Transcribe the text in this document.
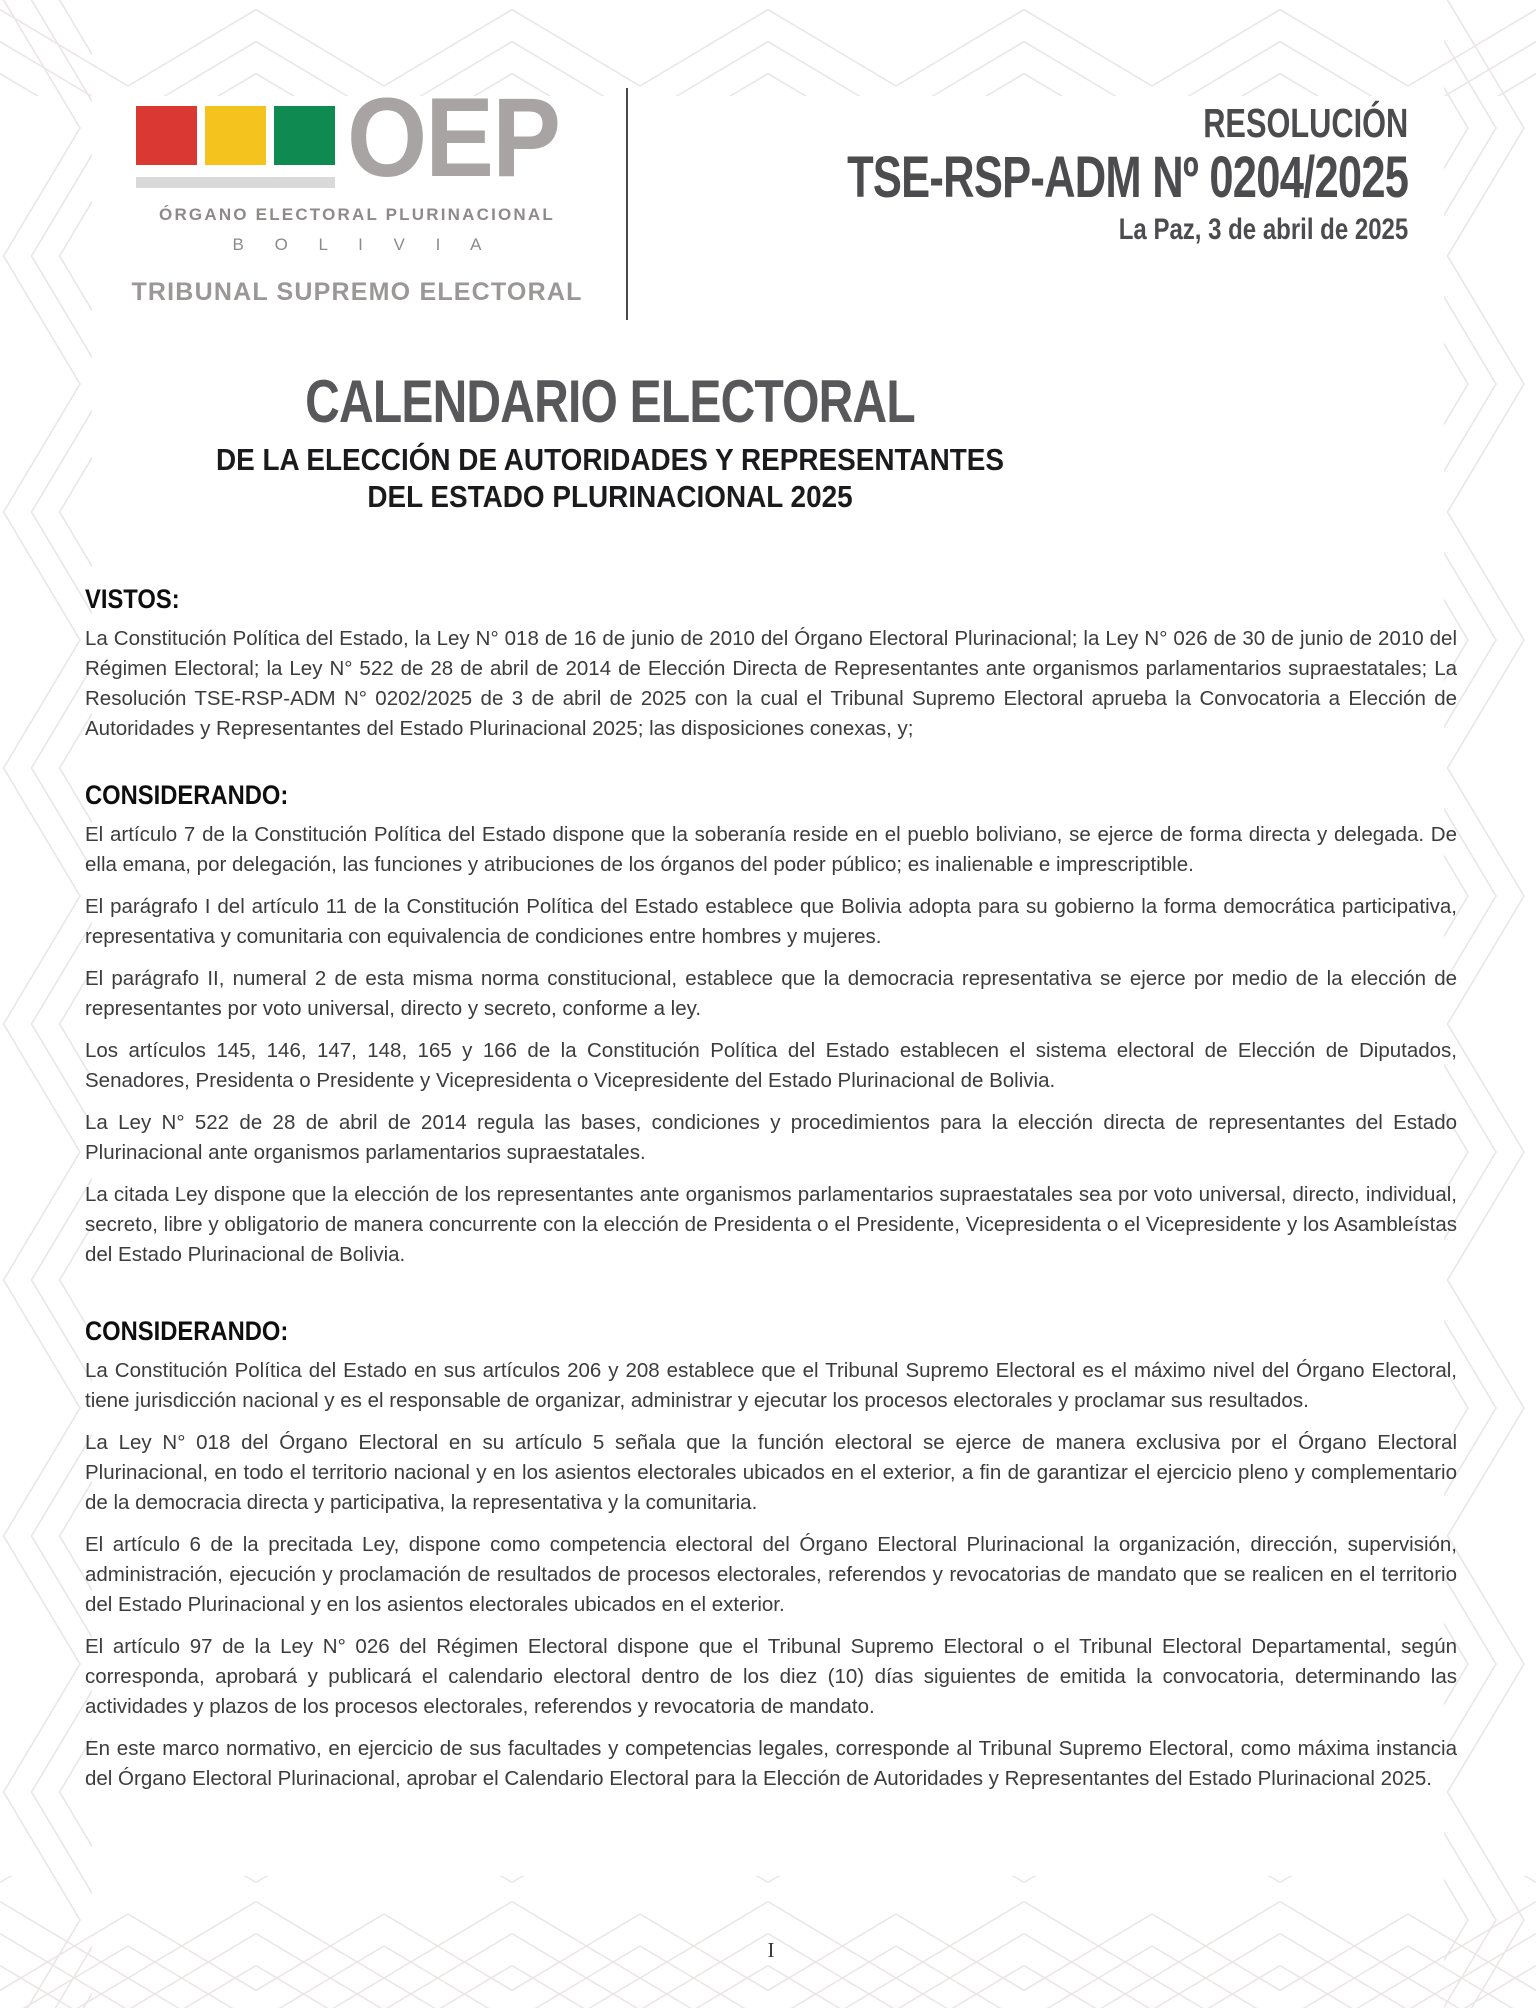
OEP
ÓRGANO ELECTORAL PLURINACIONAL
B O L I V I A
TRIBUNAL SUPREMO ELECTORAL
RESOLUCIÓN
TSE-RSP-ADM Nº 0204/2025
La Paz, 3 de abril de 2025
CALENDARIO ELECTORAL
DE LA ELECCIÓN DE AUTORIDADES Y REPRESENTANTES
DEL ESTADO PLURINACIONAL 2025
VISTOS:

La Constitución Política del Estado, la Ley N° 018 de 16 de junio de 2010 del Órgano Electoral Plurinacional; la Ley N° 026 de 30 de junio de 2010 del Régimen Electoral; la Ley N° 522 de 28 de abril de 2014 de Elección Directa de Representantes ante organismos parlamentarios supraestatales; La Resolución TSE-RSP-ADM N° 0202/2025 de 3 de abril de 2025 con la cual el Tribunal Supremo Electoral aprueba la Convocatoria a Elección de Autoridades y Representantes del Estado Plurinacional 2025; las disposiciones conexas, y;

CONSIDERANDO:

El artículo 7 de la Constitución Política del Estado dispone que la soberanía reside en el pueblo boliviano, se ejerce de forma directa y delegada. De ella emana, por delegación, las funciones y atribuciones de los órganos del poder público; es inalienable e imprescriptible.

El parágrafo I del artículo 11 de la Constitución Política del Estado establece que Bolivia adopta para su gobierno la forma democrática participativa, representativa y comunitaria con equivalencia de condiciones entre hombres y mujeres.

El parágrafo II, numeral 2 de esta misma norma constitucional, establece que la democracia representativa se ejerce por medio de la elección de representantes por voto universal, directo y secreto, conforme a ley.

Los artículos 145, 146, 147, 148, 165 y 166 de la Constitución Política del Estado establecen el sistema electoral de Elección de Diputados, Senadores, Presidenta o Presidente y Vicepresidenta o Vicepresidente del Estado Plurinacional de Bolivia.

La Ley N° 522 de 28 de abril de 2014 regula las bases, condiciones y procedimientos para la elección directa de representantes del Estado Plurinacional ante organismos parlamentarios supraestatales.

La citada Ley dispone que la elección de los representantes ante organismos parlamentarios supraestatales sea por voto universal, directo, individual, secreto, libre y obligatorio de manera concurrente con la elección de Presidenta o el Presidente, Vicepresidenta o el Vicepresidente y los Asambleístas del Estado Plurinacional de Bolivia.

CONSIDERANDO:

La Constitución Política del Estado en sus artículos 206 y 208 establece que el Tribunal Supremo Electoral es el máximo nivel del Órgano Electoral, tiene jurisdicción nacional y es el responsable de organizar, administrar y ejecutar los procesos electorales y proclamar sus resultados.

La Ley N° 018 del Órgano Electoral en su artículo 5 señala que la función electoral se ejerce de manera exclusiva por el Órgano Electoral Plurinacional, en todo el territorio nacional y en los asientos electorales ubicados en el exterior, a fin de garantizar el ejercicio pleno y complementario de la democracia directa y participativa, la representativa y la comunitaria.

El artículo 6 de la precitada Ley, dispone como competencia electoral del Órgano Electoral Plurinacional la organización, dirección, supervisión, administración, ejecución y proclamación de resultados de procesos electorales, referendos y revocatorias de mandato que se realicen en el territorio del Estado Plurinacional y en los asientos electorales ubicados en el exterior.

El artículo 97 de la Ley N° 026 del Régimen Electoral dispone que el Tribunal Supremo Electoral o el Tribunal Electoral Departamental, según corresponda, aprobará y publicará el calendario electoral dentro de los diez (10) días siguientes de emitida la convocatoria, determinando las actividades y plazos de los procesos electorales, referendos y revocatoria de mandato.

En este marco normativo, en ejercicio de sus facultades y competencias legales, corresponde al Tribunal Supremo Electoral, como máxima instancia del Órgano Electoral Plurinacional, aprobar el Calendario Electoral para la Elección de Autoridades y Representantes del Estado Plurinacional 2025.

I
